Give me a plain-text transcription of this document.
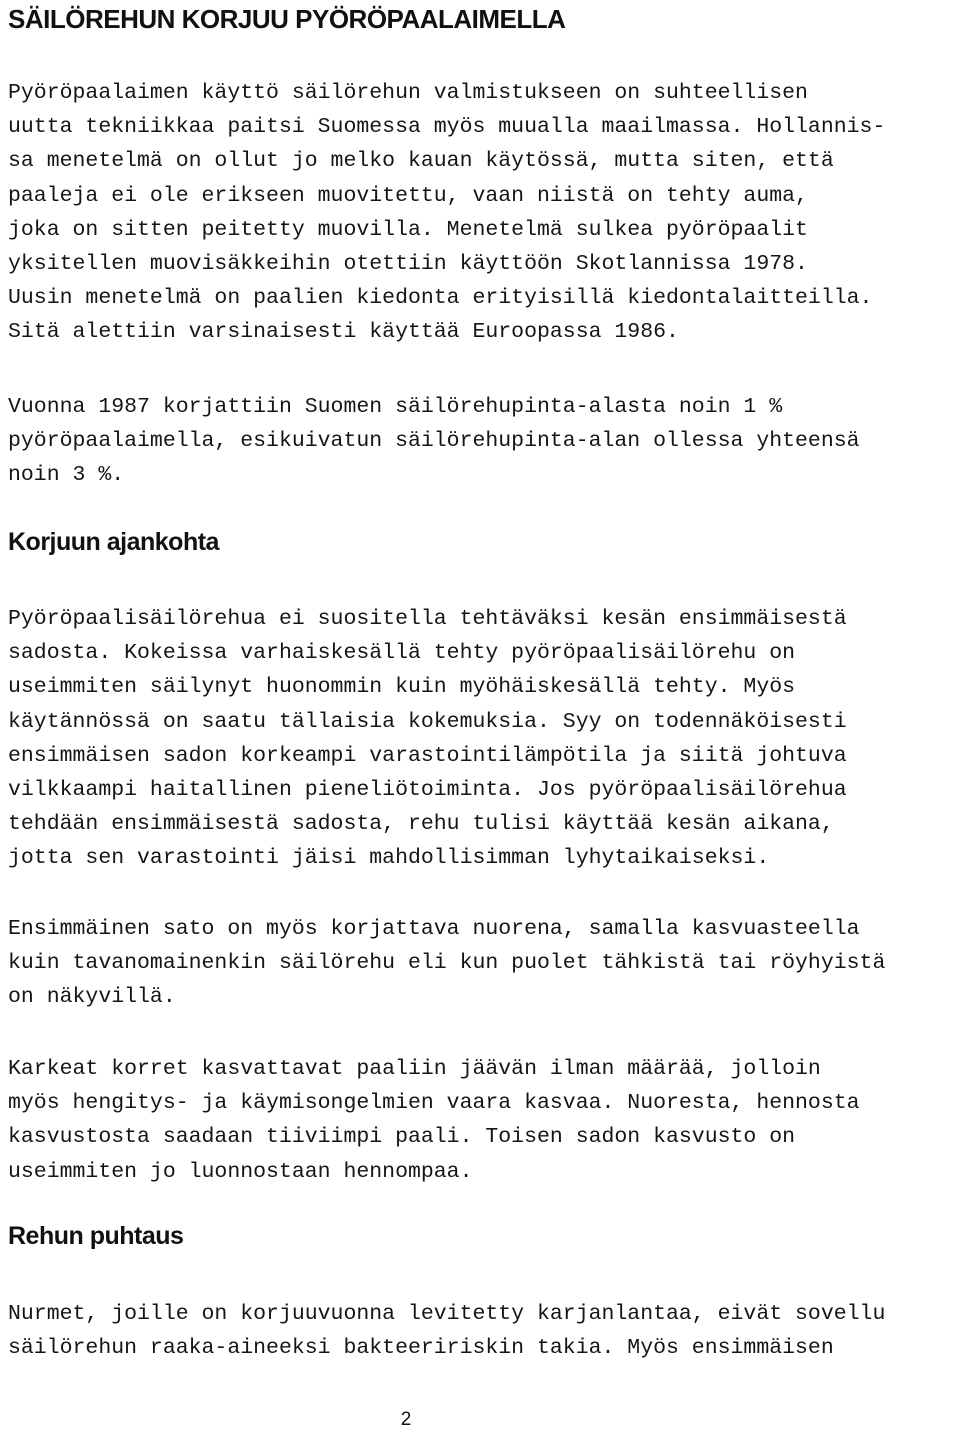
SÄILÖREHUN KORJUU PYÖRÖPAALAIMELLA
Pyöröpaalaimen käyttö säilörehun valmistukseen on suhteellisen
uutta tekniikkaa paitsi Suomessa myös muualla maailmassa. Hollannis-
sa menetelmä on ollut jo melko kauan käytössä, mutta siten, että
paaleja ei ole erikseen muovitettu, vaan niistä on tehty auma,
joka on sitten peitetty muovilla. Menetelmä sulkea pyöröpaalit
yksitellen muovisäkkeihin otettiin käyttöön Skotlannissa 1978.
Uusin menetelmä on paalien kiedonta erityisillä kiedontalaitteilla.
Sitä alettiin varsinaisesti käyttää Euroopassa 1986.
Vuonna 1987 korjattiin Suomen säilörehupinta-alasta noin 1 %
pyöröpaalaimella, esikuivatun säilörehupinta-alan ollessa yhteensä
noin 3 %.
Korjuun ajankohta
Pyöröpaalisäilörehua ei suositella tehtäväksi kesän ensimmäisestä
sadosta. Kokeissa varhaiskesällä tehty pyöröpaalisäilörehu on
useimmiten säilynyt huonommin kuin myöhäiskesällä tehty. Myös
käytännössä on saatu tällaisia kokemuksia. Syy on todennäköisesti
ensimmäisen sadon korkeampi varastointilämpötila ja siitä johtuva
vilkkaampi haitallinen pieneliötoiminta. Jos pyöröpaalisäilörehua
tehdään ensimmäisestä sadosta, rehu tulisi käyttää kesän aikana,
jotta sen varastointi jäisi mahdollisimman lyhytaikaiseksi.
Ensimmäinen sato on myös korjattava nuorena, samalla kasvuasteella
kuin tavanomainenkin säilörehu eli kun puolet tähkistä tai röyhyistä
on näkyvillä.
Karkeat korret kasvattavat paaliin jäävän ilman määrää, jolloin
myös hengitys- ja käymisongelmien vaara kasvaa. Nuoresta, hennosta
kasvustosta saadaan tiiviimpi paali. Toisen sadon kasvusto on
useimmiten jo luonnostaan hennompaa.
Rehun puhtaus
Nurmet, joille on korjuuvuonna levitetty karjanlantaa, eivät sovellu
säilörehun raaka-aineeksi bakteeririskin takia. Myös ensimmäisen
2
